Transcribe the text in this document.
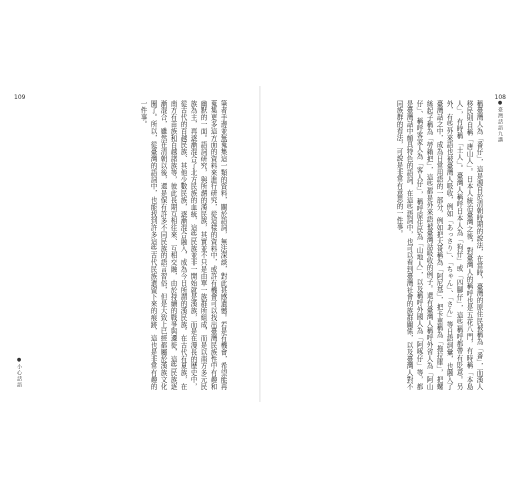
109
筆者手邊並無蒐集這一類的資料，關於語詞，無法深談，對此甚感遺憾。若是有機會，希望能再蒐集更多這方面的資料來進行研究，從這樣的資料中，或許有機會可以找出臺灣民族性中有趣和幽默的一面。語詞研究，與所謂的漢民族，其實並不只是由單一族群所組成，而是以南方多元民族為主，再逐漸混合了北方民族的血統，這些民族並非一開始就是漢族，而是在漫長的歷史中，從古代的百越民族、其他少數民族，逐漸混合融入，成為今日所謂的漢民族。在古代有夏族，在南方有苗族和百越諸族等，彼此長期互相往來、互相交融，由於持續的戰爭與遷徙，這些民族逐漸混合，雖然在清朝以後，還是保有許多不同民族的語言習俗，但是大致上已經都屬於漢族文化圈了。所以，從臺灣的語詞中，也能找到許多這些古代民族遺留下來的痕跡，這也是非常有趣的一件事。
●小心話語
108
稱臺灣人為「番仔」，這是源自於清朝時期的說法，在當時，臺灣的原住民被稱為「番」，而漢人移民則自稱「唐山人」。日本人統治臺灣之後，對臺灣人的稱呼也是五花八門，有時稱「本島人」，有時稱「土人」。臺灣人稱呼日本人為「狗仔」或「四腳仔」，這些稱呼都帶有貶意。另外，有些外來語也被臺灣人吸收，例如「あっさり」、「ちゃん」、「さん」等日語詞彙，也融入了臺灣話之中，成為日常用語的一部分，例如把大哥稱為「阿尼基」，把卡車稱為「拖拉庫」，把螺絲起子稱為「勞賴把」，這些都是外來語被臺灣話吸收的例子。還有臺灣人稱呼外省人為「阿山仔」、稱呼客家人為「客人仔」，稱呼原住民為「山地人」，以及稱呼外國人為「阿啄仔」等，都是臺灣話中頗具特色的語詞，在這些語詞中，也可以看到臺灣社會的族群關係，以及臺灣人對不同族群的看法，可說是非常有意思的一件事。	●臺灣話語九講
